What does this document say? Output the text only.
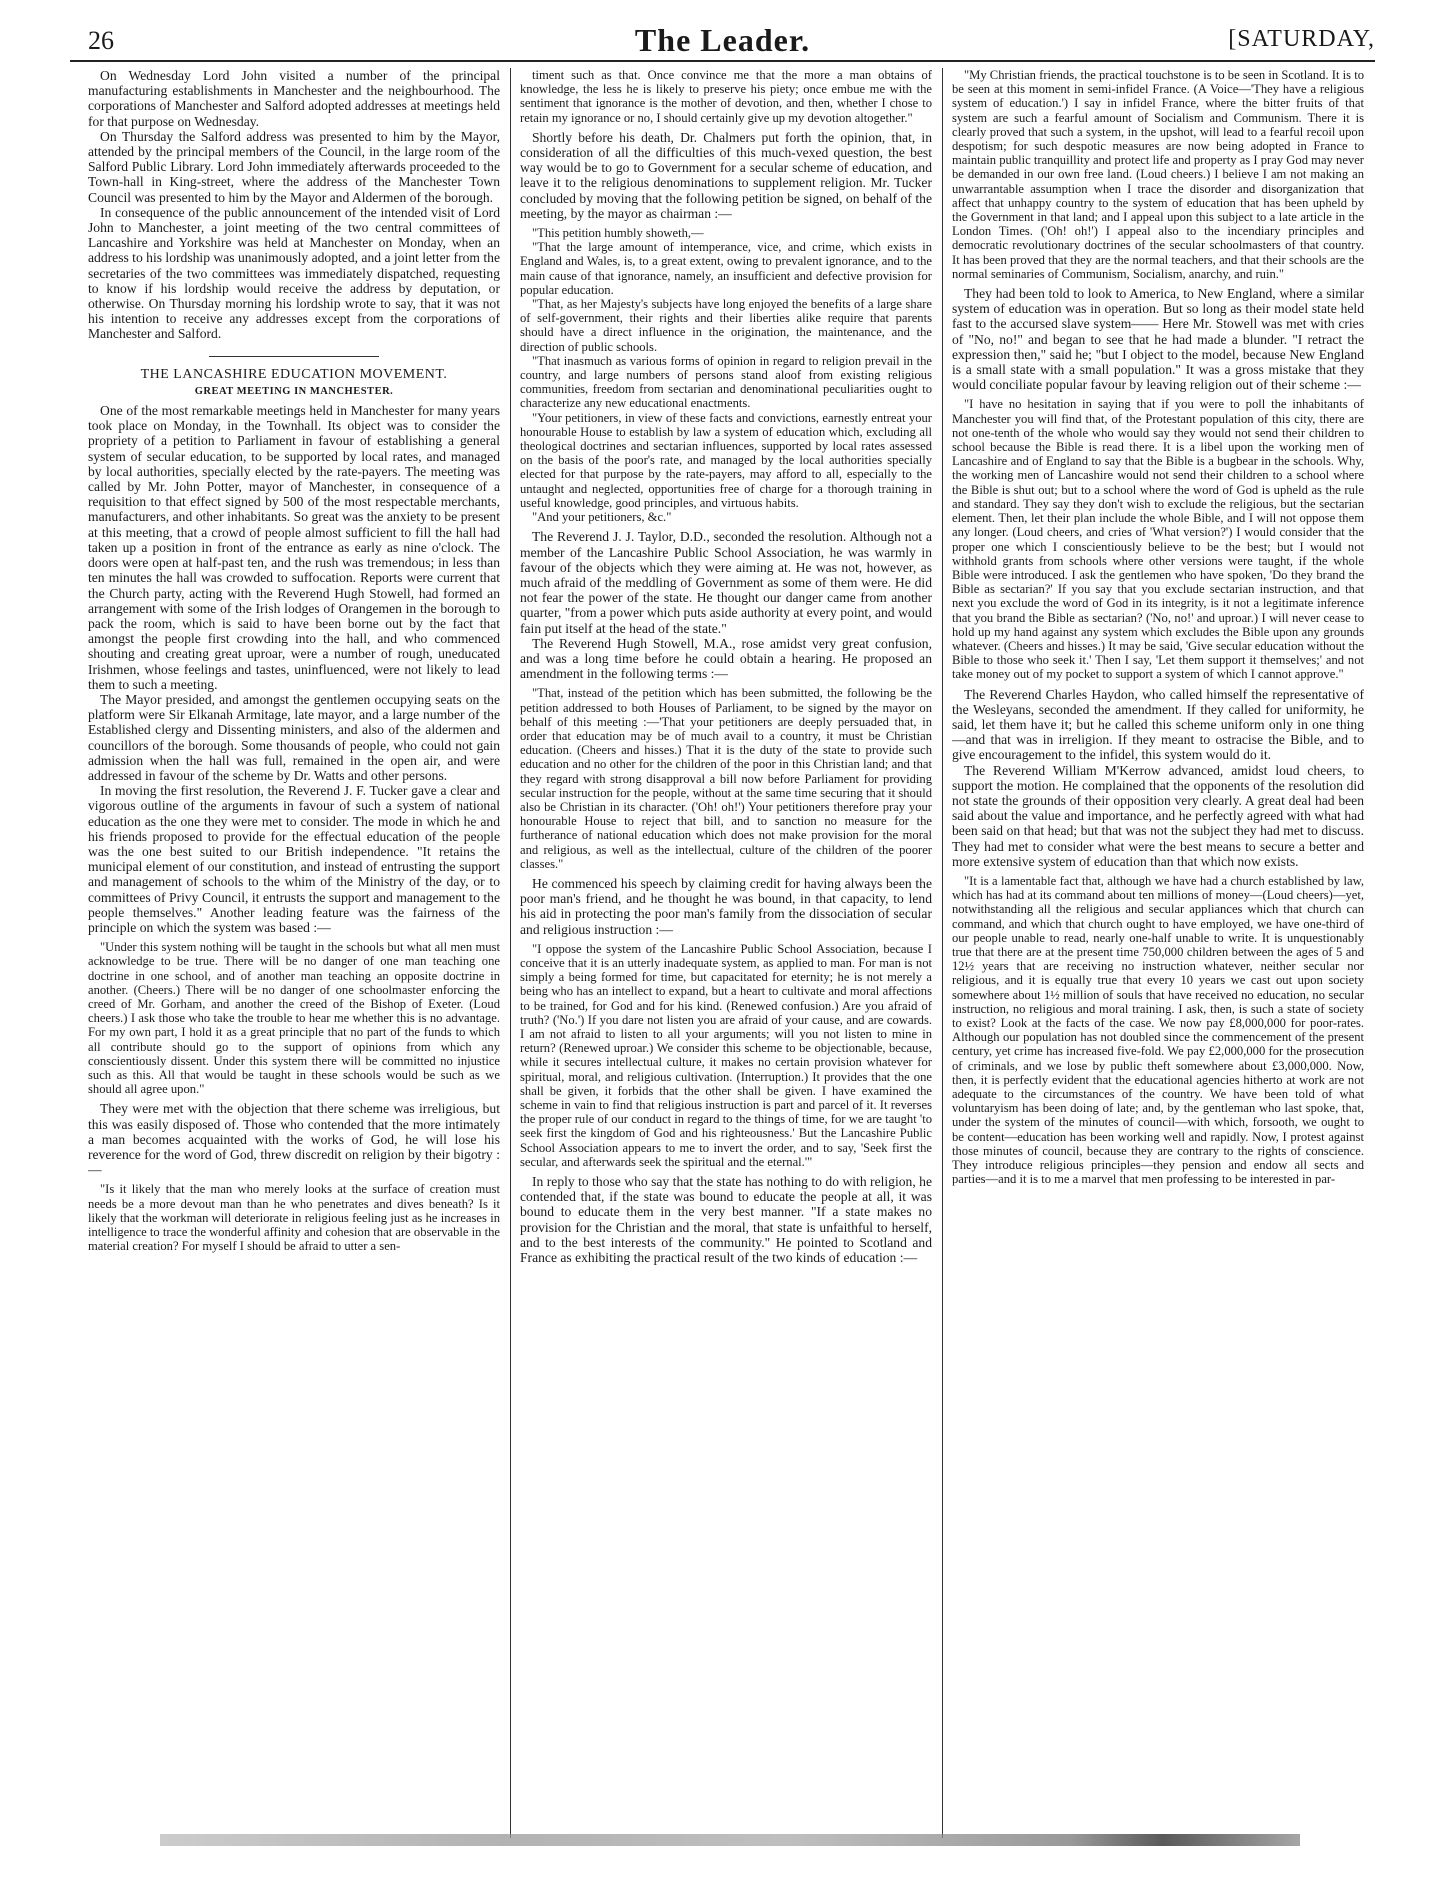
26	The Leader.	[SATURDAY,

On Wednesday Lord John visited a number of the principal manufacturing establishments in Manchester and the neighbourhood. The corporations of Manchester and Salford adopted addresses at meetings held for that purpose on Wednesday.

On Thursday the Salford address was presented to him by the Mayor, attended by the principal members of the Council, in the large room of the Salford Public Library. Lord John immediately afterwards proceeded to the Town-hall in King-street, where the address of the Manchester Town Council was presented to him by the Mayor and Aldermen of the borough.

In consequence of the public announcement of the intended visit of Lord John to Manchester, a joint meeting of the two central committees of Lancashire and Yorkshire was held at Manchester on Monday, when an address to his lordship was unanimously adopted, and a joint letter from the secretaries of the two committees was immediately dispatched, requesting to know if his lordship would receive the address by deputation, or otherwise. On Thursday morning his lordship wrote to say, that it was not his intention to receive any addresses except from the corporations of Manchester and Salford.

THE LANCASHIRE EDUCATION MOVEMENT.
GREAT MEETING IN MANCHESTER.

One of the most remarkable meetings held in Manchester for many years took place on Monday, in the Townhall. Its object was to consider the propriety of a petition to Parliament in favour of establishing a general system of secular education, to be supported by local rates, and managed by local authorities, specially elected by the rate-payers. The meeting was called by Mr. John Potter, mayor of Manchester, in consequence of a requisition to that effect signed by 500 of the most respectable merchants, manufacturers, and other inhabitants. So great was the anxiety to be present at this meeting, that a crowd of people almost sufficient to fill the hall had taken up a position in front of the entrance as early as nine o'clock. The doors were open at half-past ten, and the rush was tremendous; in less than ten minutes the hall was crowded to suffocation. Reports were current that the Church party, acting with the Reverend Hugh Stowell, had formed an arrangement with some of the Irish lodges of Orangemen in the borough to pack the room, which is said to have been borne out by the fact that amongst the people first crowding into the hall, and who commenced shouting and creating great uproar, were a number of rough, uneducated Irishmen, whose feelings and tastes, uninfluenced, were not likely to lead them to such a meeting.

The Mayor presided, and amongst the gentlemen occupying seats on the platform were Sir Elkanah Armitage, late mayor, and a large number of the Established clergy and Dissenting ministers, and also of the aldermen and councillors of the borough. Some thousands of people, who could not gain admission when the hall was full, remained in the open air, and were addressed in favour of the scheme by Dr. Watts and other persons.

In moving the first resolution, the Reverend J. F. Tucker gave a clear and vigorous outline of the arguments in favour of such a system of national education as the one they were met to consider. The mode in which he and his friends proposed to provide for the effectual education of the people was the one best suited to our British independence. "It retains the municipal element of our constitution, and instead of entrusting the support and management of schools to the whim of the Ministry of the day, or to committees of Privy Council, it entrusts the support and management to the people themselves." Another leading feature was the fairness of the principle on which the system was based :—

"Under this system nothing will be taught in the schools but what all men must acknowledge to be true. There will be no danger of one man teaching one doctrine in one school, and of another man teaching an opposite doctrine in another. (Cheers.) There will be no danger of one schoolmaster enforcing the creed of Mr. Gorham, and another the creed of the Bishop of Exeter. (Loud cheers.) I ask those who take the trouble to hear me whether this is no advantage. For my own part, I hold it as a great principle that no part of the funds to which all contribute should go to the support of opinions from which any conscientiously dissent. Under this system there will be committed no injustice such as this. All that would be taught in these schools would be such as we should all agree upon."

They were met with the objection that there scheme was irreligious, but this was easily disposed of. Those who contended that the more intimately a man becomes acquainted with the works of God, he will lose his reverence for the word of God, threw discredit on religion by their bigotry :—

"Is it likely that the man who merely looks at the surface of creation must needs be a more devout man than he who penetrates and dives beneath? Is it likely that the workman will deteriorate in religious feeling just as he increases in intelligence to trace the wonderful affinity and cohesion that are observable in the material creation? For myself I should be afraid to utter a sen-

timent such as that. Once convince me that the more a man obtains of knowledge, the less he is likely to preserve his piety; once embue me with the sentiment that ignorance is the mother of devotion, and then, whether I chose to retain my ignorance or no, I should certainly give up my devotion altogether."

Shortly before his death, Dr. Chalmers put forth the opinion, that, in consideration of all the difficulties of this much-vexed question, the best way would be to go to Government for a secular scheme of education, and leave it to the religious denominations to supplement religion. Mr. Tucker concluded by moving that the following petition be signed, on behalf of the meeting, by the mayor as chairman :—

"This petition humbly showeth,—

"That the large amount of intemperance, vice, and crime, which exists in England and Wales, is, to a great extent, owing to prevalent ignorance, and to the main cause of that ignorance, namely, an insufficient and defective provision for popular education.

"That, as her Majesty's subjects have long enjoyed the benefits of a large share of self-government, their rights and their liberties alike require that parents should have a direct influence in the origination, the maintenance, and the direction of public schools.

"That inasmuch as various forms of opinion in regard to religion prevail in the country, and large numbers of persons stand aloof from existing religious communities, freedom from sectarian and denominational peculiarities ought to characterize any new educational enactments.

"Your petitioners, in view of these facts and convictions, earnestly entreat your honourable House to establish by law a system of education which, excluding all theological doctrines and sectarian influences, supported by local rates assessed on the basis of the poor's rate, and managed by the local authorities specially elected for that purpose by the rate-payers, may afford to all, especially to the untaught and neglected, opportunities free of charge for a thorough training in useful knowledge, good principles, and virtuous habits.

"And your petitioners, &c."

The Reverend J. J. Taylor, D.D., seconded the resolution. Although not a member of the Lancashire Public School Association, he was warmly in favour of the objects which they were aiming at. He was not, however, as much afraid of the meddling of Government as some of them were. He did not fear the power of the state. He thought our danger came from another quarter, "from a power which puts aside authority at every point, and would fain put itself at the head of the state."

The Reverend Hugh Stowell, M.A., rose amidst very great confusion, and was a long time before he could obtain a hearing. He proposed an amendment in the following terms :—

"That, instead of the petition which has been submitted, the following be the petition addressed to both Houses of Parliament, to be signed by the mayor on behalf of this meeting :—'That your petitioners are deeply persuaded that, in order that education may be of much avail to a country, it must be Christian education. (Cheers and hisses.) That it is the duty of the state to provide such education and no other for the children of the poor in this Christian land; and that they regard with strong disapproval a bill now before Parliament for providing secular instruction for the people, without at the same time securing that it should also be Christian in its character. ('Oh! oh!') Your petitioners therefore pray your honourable House to reject that bill, and to sanction no measure for the furtherance of national education which does not make provision for the moral and religious, as well as the intellectual, culture of the children of the poorer classes."

He commenced his speech by claiming credit for having always been the poor man's friend, and he thought he was bound, in that capacity, to lend his aid in protecting the poor man's family from the dissociation of secular and religious instruction :—

"I oppose the system of the Lancashire Public School Association, because I conceive that it is an utterly inadequate system, as applied to man. For man is not simply a being formed for time, but capacitated for eternity; he is not merely a being who has an intellect to expand, but a heart to cultivate and moral affections to be trained, for God and for his kind. (Renewed confusion.) Are you afraid of truth? ('No.') If you dare not listen you are afraid of your cause, and are cowards. I am not afraid to listen to all your arguments; will you not listen to mine in return? (Renewed uproar.) We consider this scheme to be objectionable, because, while it secures intellectual culture, it makes no certain provision whatever for spiritual, moral, and religious cultivation. (Interruption.) It provides that the one shall be given, it forbids that the other shall be given. I have examined the scheme in vain to find that religious instruction is part and parcel of it. It reverses the proper rule of our conduct in regard to the things of time, for we are taught 'to seek first the kingdom of God and his righteousness.' But the Lancashire Public School Association appears to me to invert the order, and to say, 'Seek first the secular, and afterwards seek the spiritual and the eternal.'"

In reply to those who say that the state has nothing to do with religion, he contended that, if the state was bound to educate the people at all, it was bound to educate them in the very best manner. "If a state makes no provision for the Christian and the moral, that state is unfaithful to herself, and to the best interests of the community." He pointed to Scotland and France as exhibiting the practical result of the two kinds of education :—

"My Christian friends, the practical touchstone is to be seen in Scotland. It is to be seen at this moment in semi-infidel France. (A Voice—'They have a religious system of education.') I say in infidel France, where the bitter fruits of that system are such a fearful amount of Socialism and Communism. There it is clearly proved that such a system, in the upshot, will lead to a fearful recoil upon despotism; for such despotic measures are now being adopted in France to maintain public tranquillity and protect life and property as I pray God may never be demanded in our own free land. (Loud cheers.) I believe I am not making an unwarrantable assumption when I trace the disorder and disorganization that affect that unhappy country to the system of education that has been upheld by the Government in that land; and I appeal upon this subject to a late article in the London Times. ('Oh! oh!') I appeal also to the incendiary principles and democratic revolutionary doctrines of the secular schoolmasters of that country. It has been proved that they are the normal teachers, and that their schools are the normal seminaries of Communism, Socialism, anarchy, and ruin."

They had been told to look to America, to New England, where a similar system of education was in operation. But so long as their model state held fast to the accursed slave system—— Here Mr. Stowell was met with cries of "No, no!" and began to see that he had made a blunder. "I retract the expression then," said he; "but I object to the model, because New England is a small state with a small population." It was a gross mistake that they would conciliate popular favour by leaving religion out of their scheme :—

"I have no hesitation in saying that if you were to poll the inhabitants of Manchester you will find that, of the Protestant population of this city, there are not one-tenth of the whole who would say they would not send their children to school because the Bible is read there. It is a libel upon the working men of Lancashire and of England to say that the Bible is a bugbear in the schools. Why, the working men of Lancashire would not send their children to a school where the Bible is shut out; but to a school where the word of God is upheld as the rule and standard. They say they don't wish to exclude the religious, but the sectarian element. Then, let their plan include the whole Bible, and I will not oppose them any longer. (Loud cheers, and cries of 'What version?') I would consider that the proper one which I conscientiously believe to be the best; but I would not withhold grants from schools where other versions were taught, if the whole Bible were introduced. I ask the gentlemen who have spoken, 'Do they brand the Bible as sectarian?' If you say that you exclude sectarian instruction, and that next you exclude the word of God in its integrity, is it not a legitimate inference that you brand the Bible as sectarian? ('No, no!' and uproar.) I will never cease to hold up my hand against any system which excludes the Bible upon any grounds whatever. (Cheers and hisses.) It may be said, 'Give secular education without the Bible to those who seek it.' Then I say, 'Let them support it themselves;' and not take money out of my pocket to support a system of which I cannot approve."

The Reverend Charles Haydon, who called himself the representative of the Wesleyans, seconded the amendment. If they called for uniformity, he said, let them have it; but he called this scheme uniform only in one thing—and that was in irreligion. If they meant to ostracise the Bible, and to give encouragement to the infidel, this system would do it.

The Reverend William M'Kerrow advanced, amidst loud cheers, to support the motion. He complained that the opponents of the resolution did not state the grounds of their opposition very clearly. A great deal had been said about the value and importance, and he perfectly agreed with what had been said on that head; but that was not the subject they had met to discuss. They had met to consider what were the best means to secure a better and more extensive system of education than that which now exists.

"It is a lamentable fact that, although we have had a church established by law, which has had at its command about ten millions of money—(Loud cheers)—yet, notwithstanding all the religious and secular appliances which that church can command, and which that church ought to have employed, we have one-third of our people unable to read, nearly one-half unable to write. It is unquestionably true that there are at the present time 750,000 children between the ages of 5 and 12½ years that are receiving no instruction whatever, neither secular nor religious, and it is equally true that every 10 years we cast out upon society somewhere about 1½ million of souls that have received no education, no secular instruction, no religious and moral training. I ask, then, is such a state of society to exist? Look at the facts of the case. We now pay £8,000,000 for poor-rates. Although our population has not doubled since the commencement of the present century, yet crime has increased five-fold. We pay £2,000,000 for the prosecution of criminals, and we lose by public theft somewhere about £3,000,000. Now, then, it is perfectly evident that the educational agencies hitherto at work are not adequate to the circumstances of the country. We have been told of what voluntaryism has been doing of late; and, by the gentleman who last spoke, that, under the system of the minutes of council—with which, forsooth, we ought to be content—education has been working well and rapidly. Now, I protest against those minutes of council, because they are contrary to the rights of conscience. They introduce religious principles—they pension and endow all sects and parties—and it is to me a marvel that men professing to be interested in par-
